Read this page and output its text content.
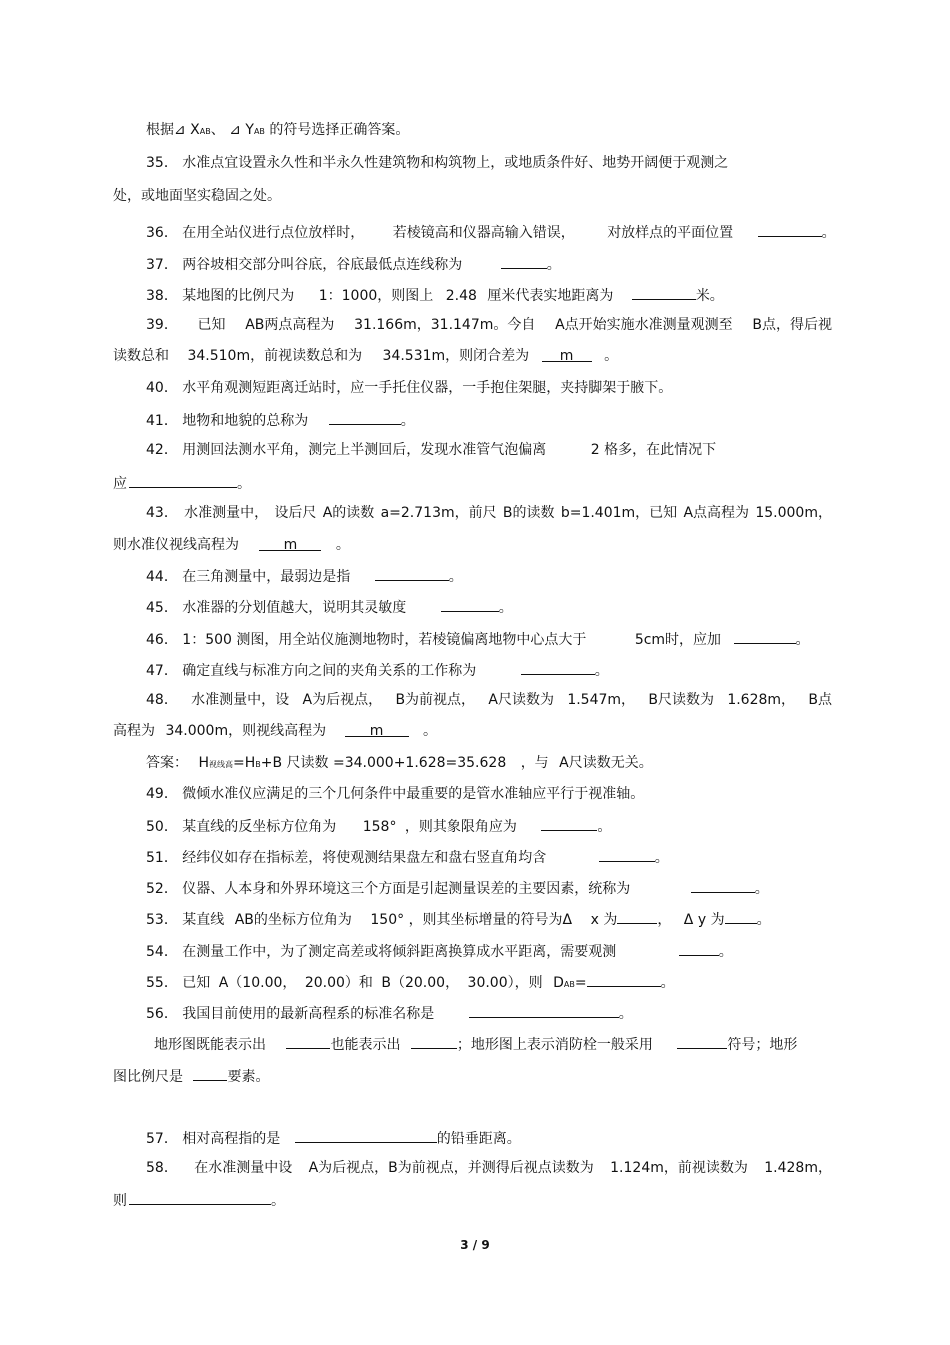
根据⊿ XAB、 ⊿ YAB 的符号选择正确答案。
35． 水准点宜设置永久性和半永久性建筑物和构筑物上，或地质条件好、地势开阔便于观测之
处，或地面坚实稳固之处。
36． 在用全站仪进行点位放样时， 若棱镜高和仪器高输入错误， 对放样点的平面位置	。
37． 两谷坡相交部分叫谷底，谷底最低点连线称为	。
38． 某地图的比例尺为 1：1000，则图上 2.48 厘米代表实地距离为	米。
39． 已知 AB两点高程为 31.166m，31.147m。今自 A点开始实施水准测量观测至 B点，得后视
读数总和 34.510m，前视读数总和为 34.531m，则闭合差为 m 。
40． 水平角观测短距离迁站时，应一手托住仪器，一手抱住架腿，夹持脚架于腋下。
41． 地物和地貌的总称为	。
42． 用测回法测水平角，测完上半测回后，发现水准管气泡偏离	2 格多，在此情况下
应	。
43． 水准测量中， 设后尺 A的读数 a=2.713m，前尺 B的读数 b=1.401m，已知 A点高程为 15.000m，
则水准仪视线高程为	m	。
44． 在三角测量中，最弱边是指	。
45． 水准器的分划值越大，说明其灵敏度	。
46． 1：500 测图，用全站仪施测地物时，若棱镜偏离地物中心点大于	5cm时，应加	。
47． 确定直线与标准方向之间的夹角关系的工作称为	。
48． 水准测量中，设 A为后视点， B为前视点， A尺读数为 1.547m， B尺读数为 1.628m， B点
高程为 34.000m，则视线高程为	m	。
答案： H视线高=HB+B 尺读数 =34.000+1.628=35.628 ，与 A尺读数无关。
49． 微倾水准仪应满足的三个几何条件中最重要的是管水准轴应平行于视准轴。
50． 某直线的反坐标方位角为 158° ，则其象限角应为	。
51． 经纬仪如存在指标差，将使观测结果盘左和盘右竖直角均含	。
52． 仪器、人本身和外界环境这三个方面是引起测量误差的主要因素，统称为	。
53． 某直线 AB的坐标方位角为 150° ，则其坐标增量的符号为Δ x 为	， Δ y 为 。
54． 在测量工作中，为了测定高差或将倾斜距离换算成水平距离，需要观测	。
55． 已知 A（10.00， 20.00）和 B（20.00， 30.00），则 DAB=	。
56． 我国目前使用的最新高程系的标准名称是	。
地形图既能表示出	也能表示出	；地形图上表示消防栓一般采用	符号；地形
图比例尺是	要素。
57． 相对高程指的是	的铅垂距离。
58． 在水准测量中设 A为后视点，B为前视点，并测得后视点读数为 1.124m，前视读数为 1.428m，
则	。
3 / 9
